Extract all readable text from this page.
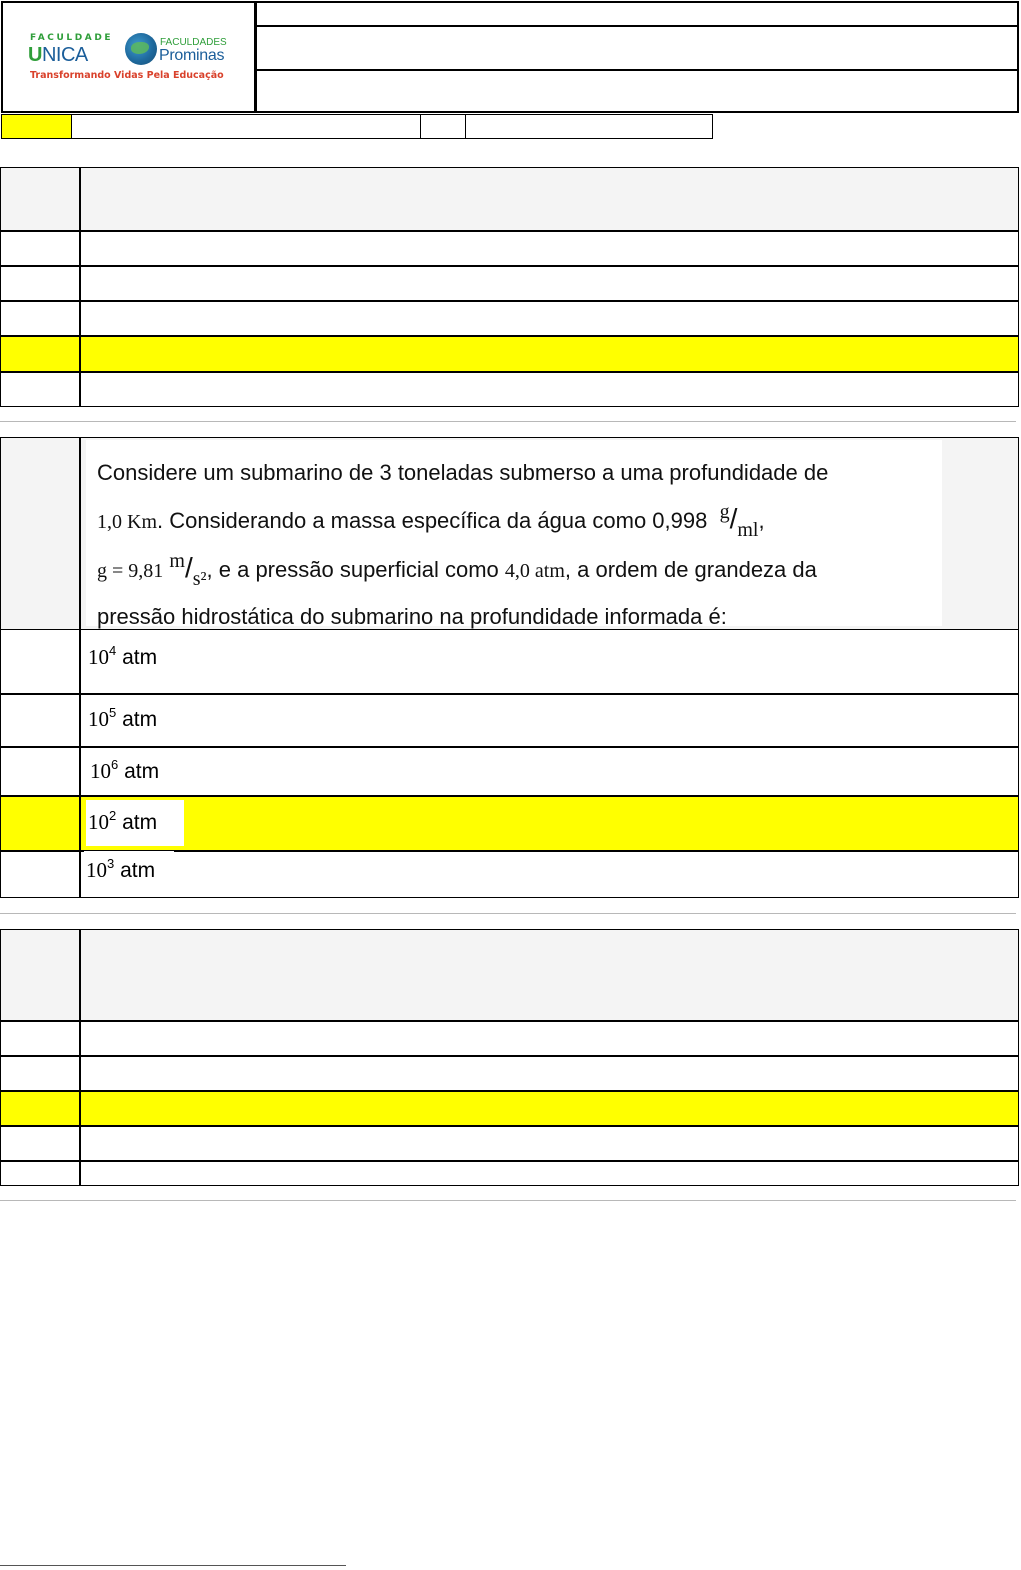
FACULDADE
UNICA
FACULDADES
Prominas
Transformando Vidas Pela Educação

Considere um submarino de 3 toneladas submerso a uma profundidade de

1,0 Km. Considerando a massa específica da água como 0,998 g/ml,

g = 9,81 m/s², e a pressão superficial como 4,0 atm, a ordem de grandeza da

pressão hidrostática do submarino na profundidade informada é:

$10^4$ atm
$10^5$ atm
$10^6$ atm
$10^2$ atm
$10^3$ atm
